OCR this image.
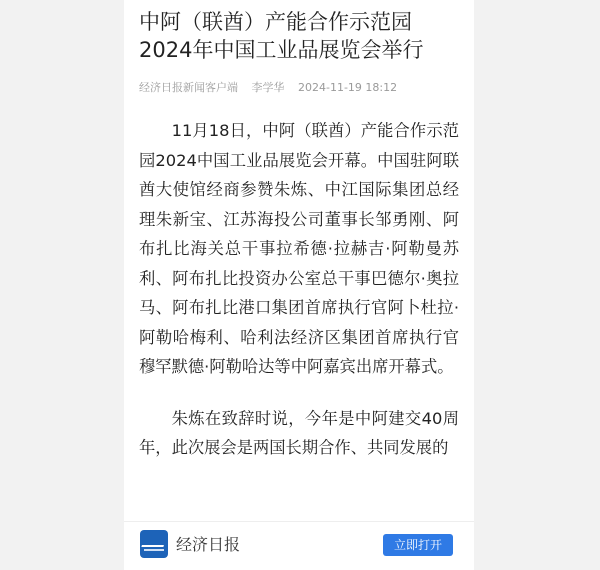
中阿（联酋）产能合作示范园2024年中国工业品展览会举行
经济日报新闻客户端 李学华 2024-11-19 18:12

11月18日，中阿（联酋）产能合作示范园2024中国工业品展览会开幕。中国驻阿联酋大使馆经商参赞朱炼、中江国际集团总经理朱新宝、江苏海投公司董事长邹勇刚、阿布扎比海关总干事拉希德·拉赫吉·阿勒曼苏利、阿布扎比投资办公室总干事巴德尔·奥拉马、阿布扎比港口集团首席执行官阿卜杜拉·阿勒哈梅利、哈利法经济区集团首席执行官穆罕默德·阿勒哈达等中阿嘉宾出席开幕式。

朱炼在致辞时说，今年是中阿建交40周年，此次展会是两国长期合作、共同发展的

经济日报	立即打开
